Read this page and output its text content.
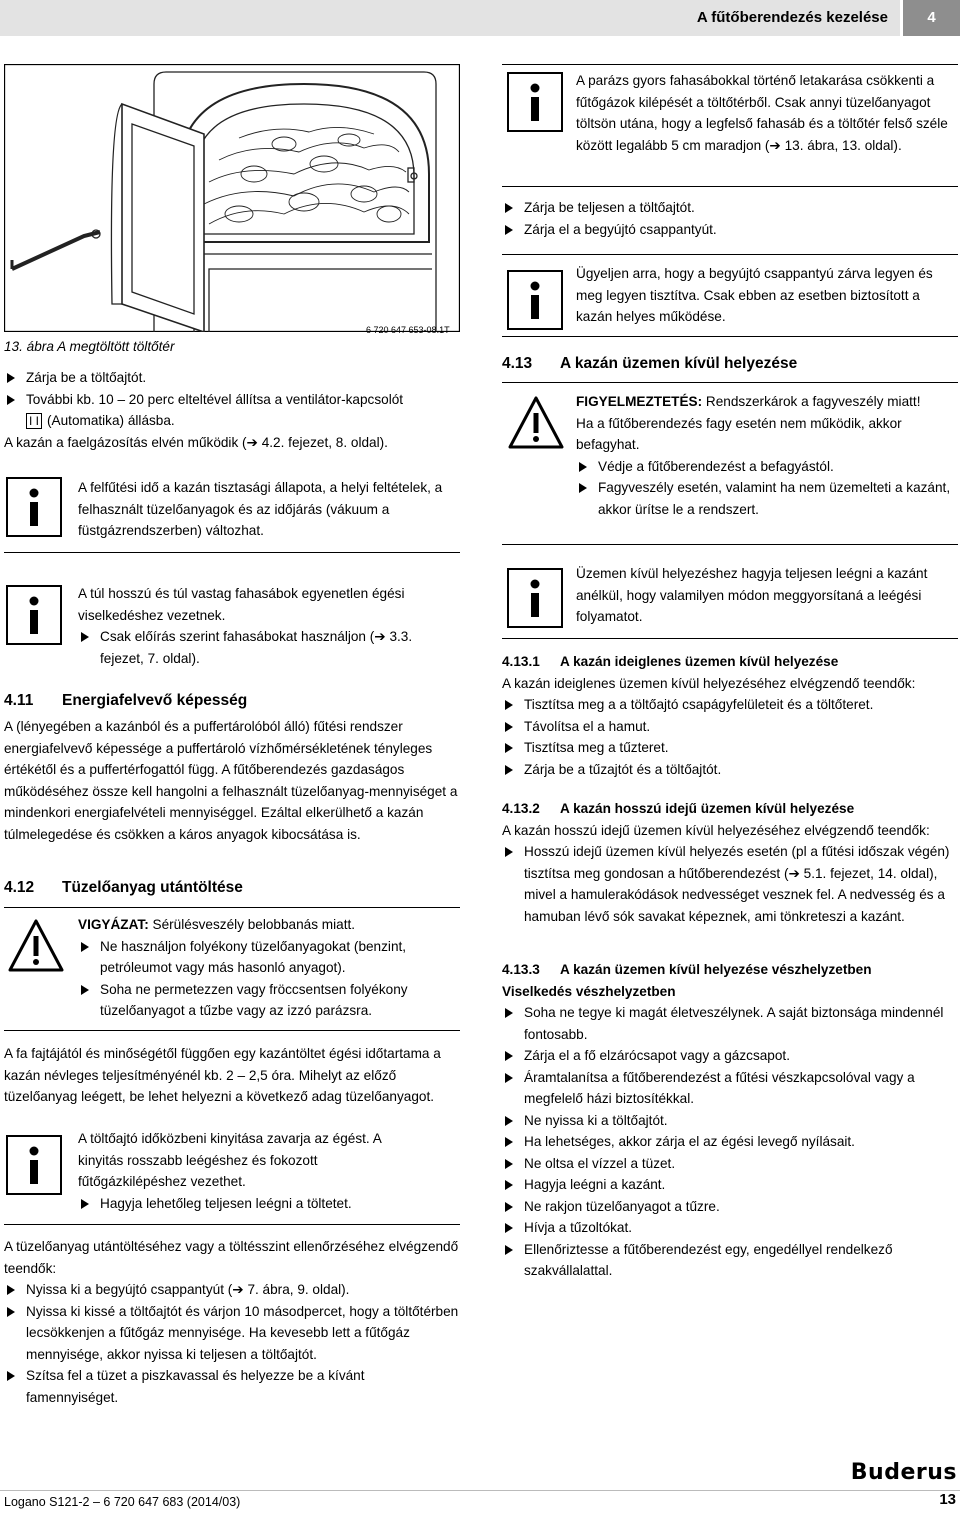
A fűtőberendezés kezelése	4
6 720 647 653-08.1T
13. ábra A megtöltött töltőtér

Zárja be a töltőajtót.

További kb. 10 – 20 perc elteltével állítsa a ventilátor-kapcsolót

I I (Automatika) állásba.

A kazán a faelgázosítás elvén működik (➔ 4.2. fejezet, 8. oldal).

A felfűtési idő a kazán tisztasági állapota, a helyi feltételek, a felhasznált tüzelőanyagok és az időjárás (vákuum a füstgázrendszerben) változhat.

A túl hosszú és túl vastag fahasábok egyenetlen égési viselkedéshez vezetnek.

Csak előírás szerint fahasábokat használjon (➔ 3.3. fejezet, 7. oldal).

4.11 Energiafelvevő képesség

A (lényegében a kazánból és a puffertárolóból álló) fűtési rendszer energiafelvevő képessége a puffertároló vízhőmérsékletének tényleges értékétől és a puffertérfogattól függ. A fűtőberendezés gazdaságos működéséhez össze kell hangolni a felhasznált tüzelőanyag-mennyiséget a mindenkori energiafelvételi mennyiséggel. Ezáltal elkerülhető a kazán túlmelegedése és csökken a káros anyagok kibocsátása is.

4.12 Tüzelőanyag utántöltése

VIGYÁZAT: Sérülésveszély belobbanás miatt.

Ne használjon folyékony tüzelőanyagokat (benzint, petróleumot vagy más hasonló anyagot).

Soha ne permetezzen vagy fröccsentsen folyékony tüzelőanyagot a tűzbe vagy az izzó parázsra.

A fa fajtájától és minőségétől függően egy kazántöltet égési időtartama a kazán névleges teljesítményénél kb. 2 – 2,5 óra. Mihelyt az előző tüzelőanyag leégett, be lehet helyezni a következő adag tüzelőanyagot.

A töltőajtó időközbeni kinyitása zavarja az égést. A kinyitás rosszabb leégéshez és fokozott fűtőgázkilépéshez vezethet.

Hagyja lehetőleg teljesen leégni a töltetet.

A tüzelőanyag utántöltéséhez vagy a töltésszint ellenőrzéséhez elvégzendő teendők:

Nyissa ki a begyújtó csappantyút (➔ 7. ábra, 9. oldal).

Nyissa ki kissé a töltőajtót és várjon 10 másodpercet, hogy a töltőtérben lecsökkenjen a fűtőgáz mennyisége. Ha kevesebb lett a fűtőgáz mennyisége, akkor nyissa ki teljesen a töltőajtót.

Szítsa fel a tüzet a piszkavassal és helyezze be a kívánt famennyiséget.

A parázs gyors fahasábokkal történő letakarása csökkenti a fűtőgázok kilépését a töltőtérből. Csak annyi tüzelőanyagot töltsön utána, hogy a legfelső fahasáb és a töltőtér felső széle között legalább 5 cm maradjon (➔ 13. ábra, 13. oldal).

Zárja be teljesen a töltőajtót.

Zárja el a begyújtó csappantyút.

Ügyeljen arra, hogy a begyújtó csappantyú zárva legyen és meg legyen tisztítva. Csak ebben az esetben biztosított a kazán helyes működése.

4.13 A kazán üzemen kívül helyezése

FIGYELMEZTETÉS: Rendszerkárok a fagyveszély miatt!

Ha a fűtőberendezés fagy esetén nem működik, akkor befagyhat.

Védje a fűtőberendezést a befagyástól.

Fagyveszély esetén, valamint ha nem üzemelteti a kazánt, akkor ürítse le a rendszert.

Üzemen kívül helyezéshez hagyja teljesen leégni a kazánt anélkül, hogy valamilyen módon meggyorsítaná a leégési folyamatot.

4.13.1 A kazán ideiglenes üzemen kívül helyezése

A kazán ideiglenes üzemen kívül helyezéséhez elvégzendő teendők:

Tisztítsa meg a a töltőajtó csapágyfelületeit és a töltőteret.

Távolítsa el a hamut.

Tisztítsa meg a tűzteret.

Zárja be a tűzajtót és a töltőajtót.

4.13.2 A kazán hosszú idejű üzemen kívül helyezése

A kazán hosszú idejű üzemen kívül helyezéséhez elvégzendő teendők:

Hosszú idejű üzemen kívül helyezés esetén (pl a fűtési időszak végén) tisztítsa meg gondosan a hűtőberendezést (➔ 5.1. fejezet, 14. oldal), mivel a hamulerakódások nedvességet vesznek fel. A nedvesség és a hamuban lévő sók savakat képeznek, ami tönkreteszi a kazánt.

4.13.3 A kazán üzemen kívül helyezése vészhelyzetben

Viselkedés vészhelyzetben

Soha ne tegye ki magát életveszélynek. A saját biztonsága mindennél fontosabb.

Zárja el a fő elzárócsapot vagy a gázcsapot.

Áramtalanítsa a fűtőberendezést a fűtési vészkapcsolóval vagy a megfelelő házi biztosítékkal.

Ne nyissa ki a töltőajtót.

Ha lehetséges, akkor zárja el az égési levegő nyílásait.

Ne oltsa el vízzel a tüzet.

Hagyja leégni a kazánt.

Ne rakjon tüzelőanyagot a tűzre.

Hívja a tűzoltókat.

Ellenőriztesse a fűtőberendezést egy, engedéllyel rendelkező szakvállalattal.

Logano S121-2 – 6 720 647 683 (2014/03)
Buderus
13
